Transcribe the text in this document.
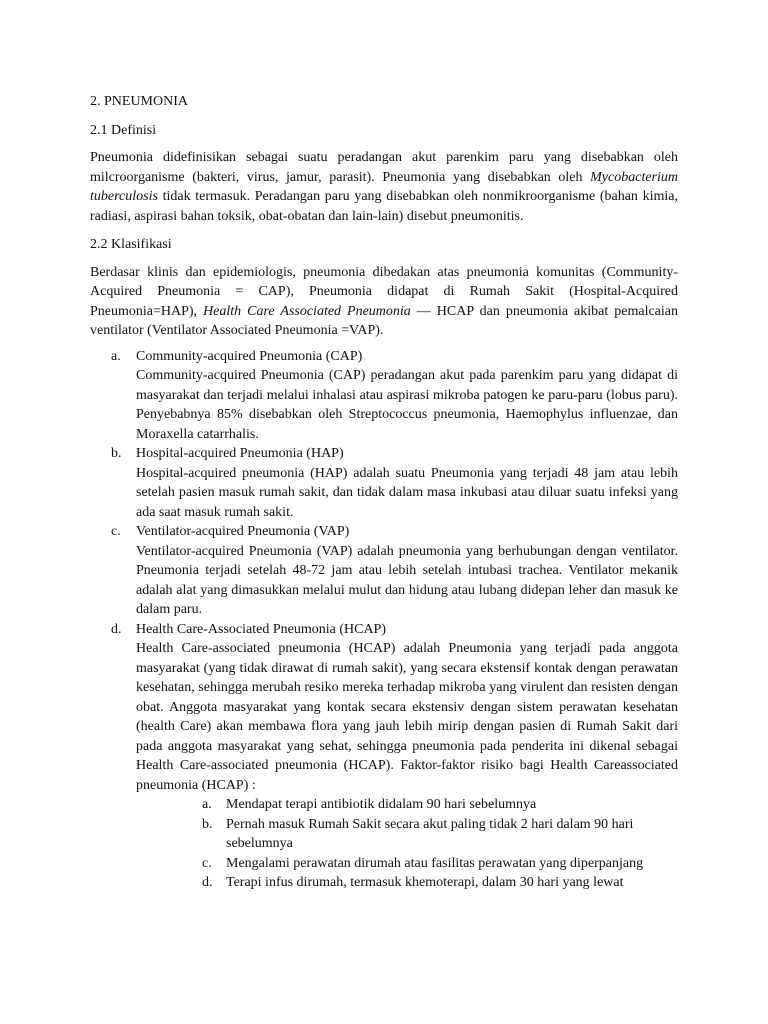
2. PNEUMONIA
2.1 Definisi

Pneumonia didefinisikan sebagai suatu peradangan akut parenkim paru yang disebabkan oleh milcroorganisme (bakteri, virus, jamur, parasit). Pneumonia yang disebabkan oleh Mycobacterium tuberculosis tidak termasuk. Peradangan paru yang disebabkan oleh nonmikroorganisme (bahan kimia, radiasi, aspirasi bahan toksik, obat-obatan dan lain-lain) disebut pneumonitis.

2.2 Klasifikasi

Berdasar klinis dan epidemiologis, pneumonia dibedakan atas pneumonia komunitas (Community-Acquired Pneumonia = CAP), Pneumonia didapat di Rumah Sakit (Hospital-Acquired Pneumonia=HAP), Health Care Associated Pneumonia — HCAP dan pneumonia akibat pemalcaian ventilator (Ventilator Associated Pneumonia =VAP).

a. Community-acquired Pneumonia (CAP)
Community-acquired Pneumonia (CAP) peradangan akut pada parenkim paru yang didapat di masyarakat dan terjadi melalui inhalasi atau aspirasi mikroba patogen ke paru-paru (lobus paru). Penyebabnya 85% disebabkan oleh Streptococcus pneumonia, Haemophylus influenzae, dan Moraxella catarrhalis.
b. Hospital-acquired Pneumonia (HAP)
Hospital-acquired pneumonia (HAP) adalah suatu Pneumonia yang terjadi 48 jam atau lebih setelah pasien masuk rumah sakit, dan tidak dalam masa inkubasi atau diluar suatu infeksi yang ada saat masuk rumah sakit.
c. Ventilator-acquired Pneumonia (VAP)
Ventilator-acquired Pneumonia (VAP) adalah pneumonia yang berhubungan dengan ventilator. Pneumonia terjadi setelah 48-72 jam atau lebih setelah intubasi trachea. Ventilator mekanik adalah alat yang dimasukkan melalui mulut dan hidung atau lubang didepan leher dan masuk ke dalam paru.
d. Health Care-Associated Pneumonia (HCAP)
Health Care-associated pneumonia (HCAP) adalah Pneumonia yang terjadi pada anggota masyarakat (yang tidak dirawat di rumah sakit), yang secara ekstensif kontak dengan perawatan kesehatan, sehingga merubah resiko mereka terhadap mikroba yang virulent dan resisten dengan obat. Anggota masyarakat yang kontak secara ekstensiv dengan sistem perawatan kesehatan (health Care) akan membawa flora yang jauh lebih mirip dengan pasien di Rumah Sakit dari pada anggota masyarakat yang sehat, sehingga pneumonia pada penderita ini dikenal sebagai Health Care-associated pneumonia (HCAP). Faktor-faktor risiko bagi Health Careassociated pneumonia (HCAP) :
a. Mendapat terapi antibiotik didalam 90 hari sebelumnya
b. Pernah masuk Rumah Sakit secara akut paling tidak 2 hari dalam 90 hari sebelumnya
c. Mengalami perawatan dirumah atau fasilitas perawatan yang diperpanjang
d. Terapi infus dirumah, termasuk khemoterapi, dalam 30 hari yang lewat
